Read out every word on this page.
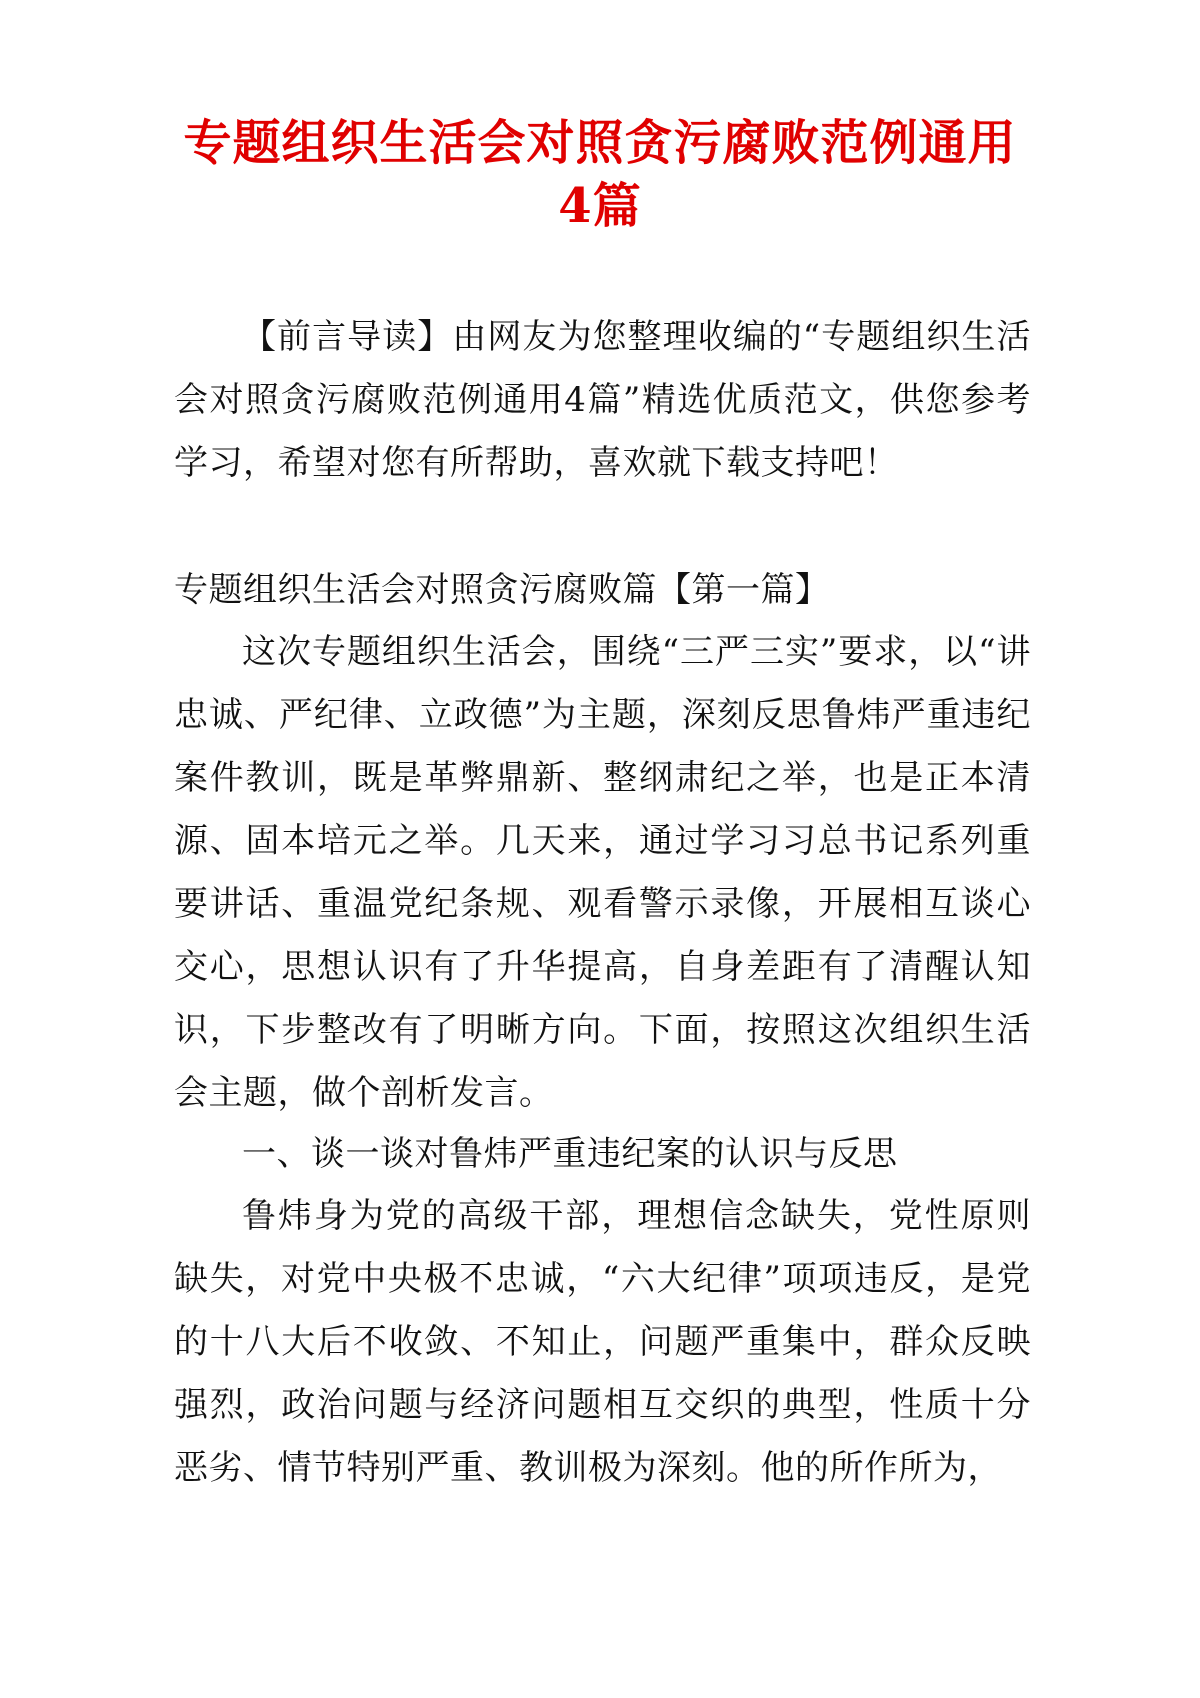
专题组织生活会对照贪污腐败范例通用4篇

【前言导读】由网友为您整理收编的“专题组织生活会对照贪污腐败范例通用4篇”精选优质范文，供您参考学习，希望对您有所帮助，喜欢就下载支持吧！

专题组织生活会对照贪污腐败篇【第一篇】

这次专题组织生活会，围绕“三严三实”要求，以“讲忠诚、严纪律、立政德”为主题，深刻反思鲁炜严重违纪案件教训，既是革弊鼎新、整纲肃纪之举，也是正本清源、固本培元之举。几天来，通过学习习总书记系列重要讲话、重温党纪条规、观看警示录像，开展相互谈心交心，思想认识有了升华提高，自身差距有了清醒认知识，下步整改有了明晰方向。下面，按照这次组织生活会主题，做个剖析发言。

一、谈一谈对鲁炜严重违纪案的认识与反思

鲁炜身为党的高级干部，理想信念缺失，党性原则缺失，对党中央极不忠诚，“六大纪律”项项违反，是党的十八大后不收敛、不知止，问题严重集中，群众反映强烈，政治问题与经济问题相互交织的典型，性质十分恶劣、情节特别严重、教训极为深刻。他的所作所为，
